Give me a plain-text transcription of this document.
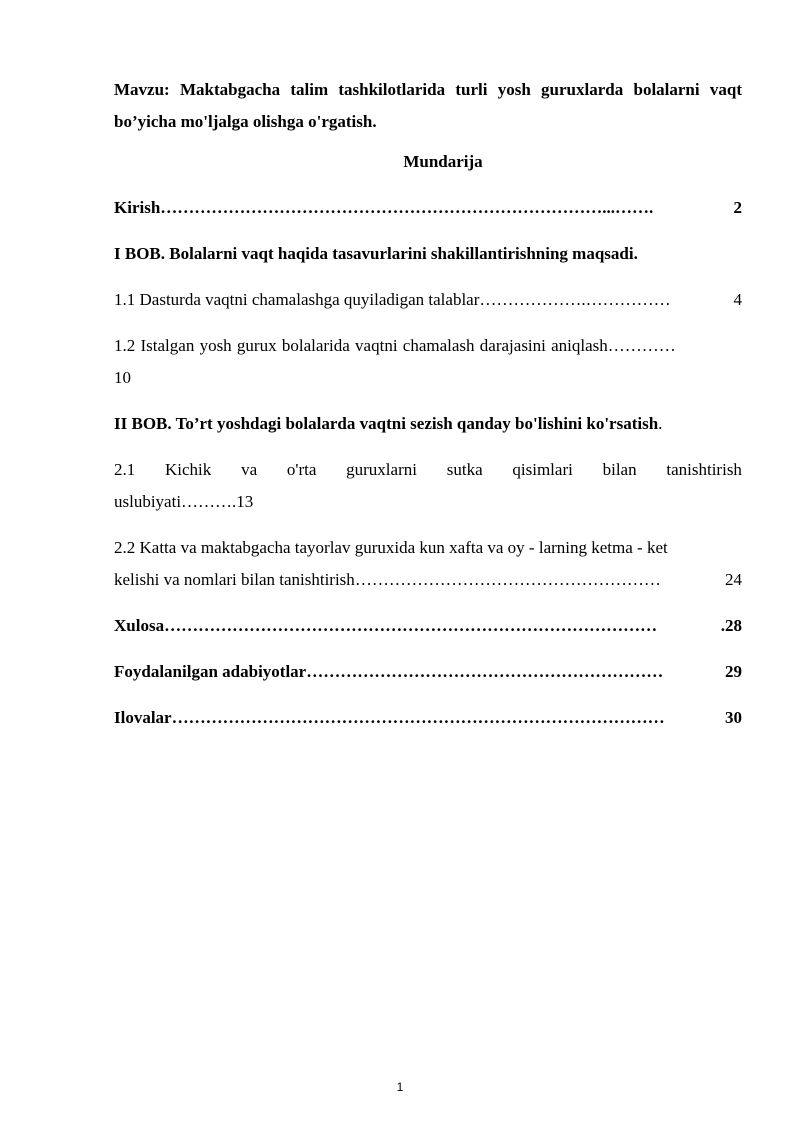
Mavzu: Maktabgacha talim tashkilotlarida turli yosh guruxlarda bolalarni vaqt bo’yicha mo'ljalga olishga o'rgatish.

Mundarija
Kirish ……………………………………………………………………...…….	2
I BOB. Bolalarni vaqt haqida tasavurlarini shakillantirishning maqsadi.
1.1 Dasturda vaqtni chamalashga quyiladigan talablar ……………….……………	4
1.2 Istalgan yosh gurux bolalarida vaqtni chamalash darajasini aniqlash…………
10
II BOB. To’rt yoshdagi bolalarda vaqtni sezish qanday bo'lishini ko'rsatish.
2.1 Kichik va o'rta guruxlarni sutka qisimlari bilan tanishtirish
uslubiyati……….13
2.2 Katta va maktabgacha tayorlav guruxida kun xafta va oy - larning ketma - ket
kelishi va nomlari bilan tanishtirish ………………………………………………	24
Xulosa ……………………………………………………………………………	.28
Foydalanilgan adabiyotlar ………………………………………………………	29
Ilovalar ……………………………………………………………………………	30
1
